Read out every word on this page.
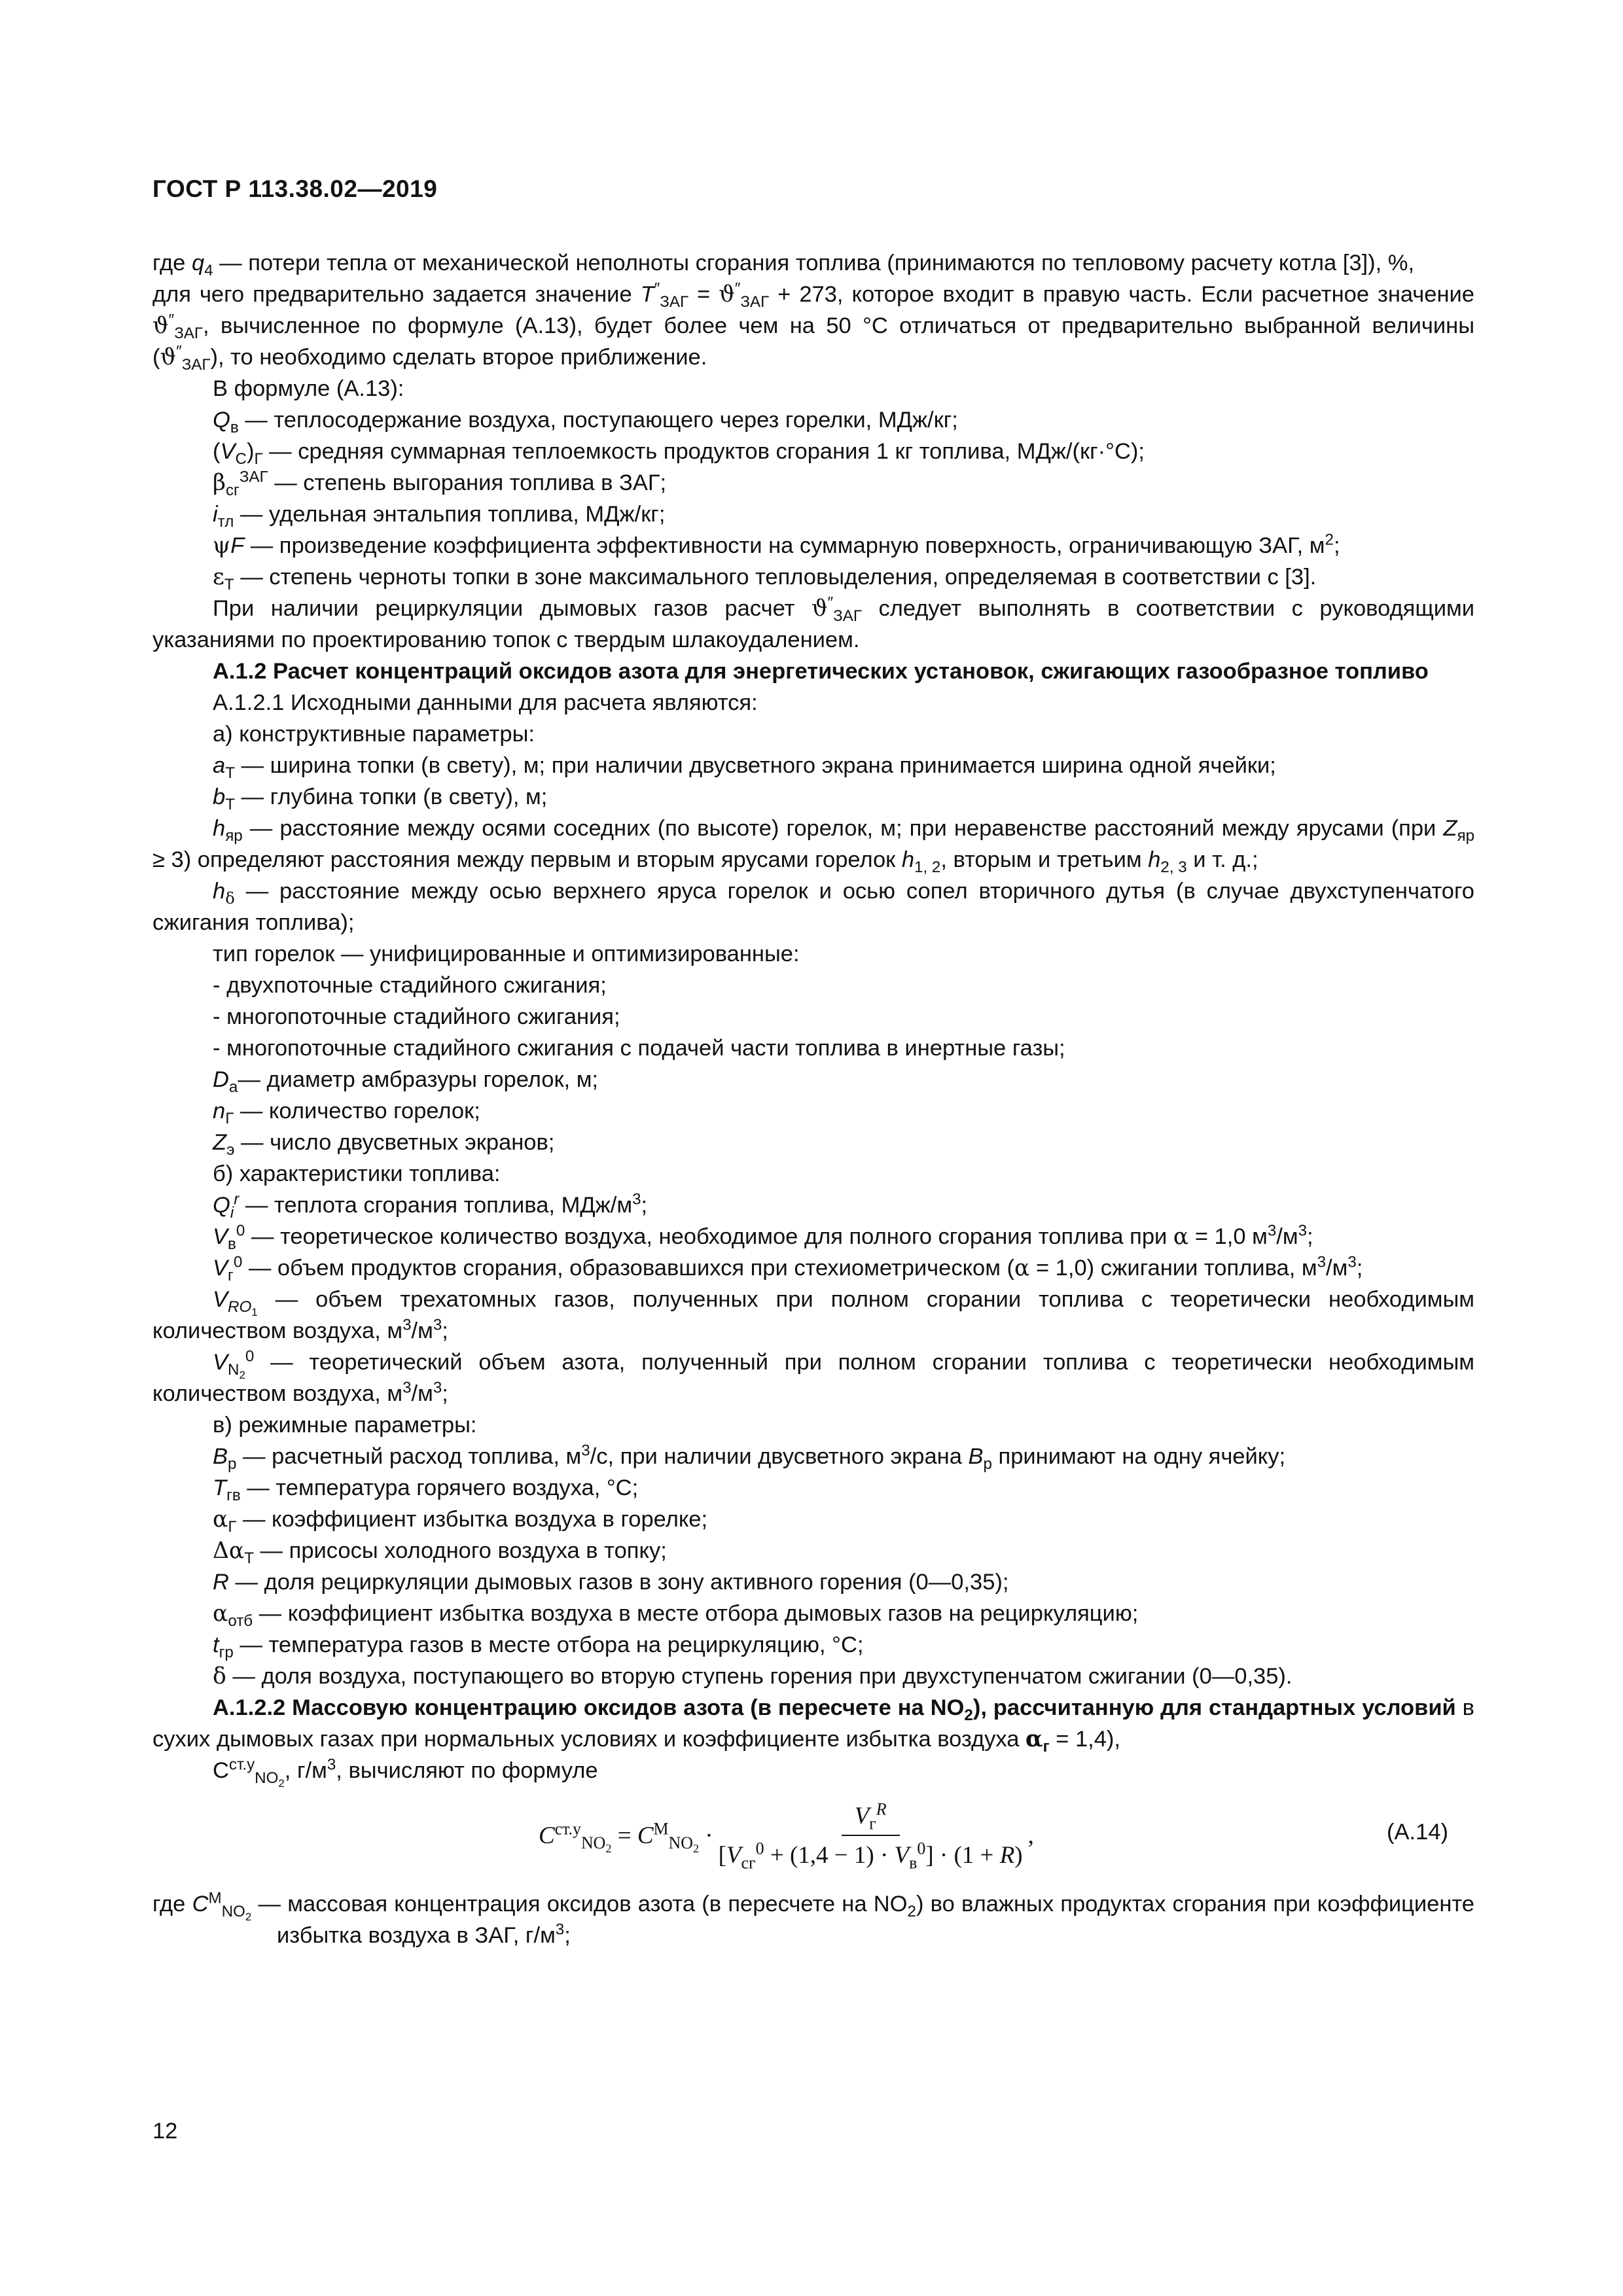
ГОСТ Р 113.38.02—2019

где $q_4$ — потери тепла от механической неполноты сгорания топлива (принимаются по тепловому расчету котла [3]), %,

для чего предварительно задается значение $T''_{ЗАГ} = ϑ''_{ЗАГ} + 273$, которое входит в правую часть. Если расчетное значение $ϑ''_{ЗАГ}$, вычисленное по формуле (А.13), будет более чем на 50 °С отличаться от предварительно выбранной величины $(ϑ''_{ЗАГ})$, то необходимо сделать второе приближение.

В формуле (А.13):

$Q_в$ — теплосодержание воздуха, поступающего через горелки, МДж/кг;

$(V_C)_Г$ — средняя суммарная теплоемкость продуктов сгорания 1 кг топлива, МДж/(кг·°С);

$\beta_{сг}^{ЗАГ}$ — степень выгорания топлива в ЗАГ;

$i_{тл}$ — удельная энтальпия топлива, МДж/кг;

ψF — произведение коэффициента эффективности на суммарную поверхность, ограничивающую ЗАГ, $м^2$;

$\varepsilon_Т$ — степень черноты топки в зоне максимального тепловыделения, определяемая в соответствии с [3].

При наличии рециркуляции дымовых газов расчет $ϑ''_{ЗАГ}$ следует выполнять в соответствии с руководящими указаниями по проектированию топок с твердым шлакоудалением.

А.1.2 Расчет концентраций оксидов азота для энергетических установок, сжигающих газообразное топливо

А.1.2.1 Исходными данными для расчета являются:

а) конструктивные параметры:

$a_Т$ — ширина топки (в свету), м; при наличии двусветного экрана принимается ширина одной ячейки;

$b_Т$ — глубина топки (в свету), м;

$h_{яр}$ — расстояние между осями соседних (по высоте) горелок, м; при неравенстве расстояний между ярусами (при $Z_{яр} \ge 3$) определяют расстояния между первым и вторым ярусами горелок $h_{1, 2}$, вторым и третьим $h_{2, 3}$ и т. д.;

$h_\delta$ — расстояние между осью верхнего яруса горелок и осью сопел вторичного дутья (в случае двухступенчатого сжигания топлива);

тип горелок — унифицированные и оптимизированные:

- двухпоточные стадийного сжигания;

- многопоточные стадийного сжигания;

- многопоточные стадийного сжигания с подачей части топлива в инертные газы;

$D_а—$ диаметр амбразуры горелок, м;

$n_Г$ — количество горелок;

$Z_э$ — число двусветных экранов;

б) характеристики топлива:

$Q_i^r$ — теплота сгорания топлива, МДж/$м^3$;

$V_в^0$ — теоретическое количество воздуха, необходимое для полного сгорания топлива при α = 1,0 $м^3/м^3$;

$V_г^0$ — объем продуктов сгорания, образовавшихся при стехиометрическом (α = 1,0) сжигании топлива, $м^3/м^3$;

$V_{RO_1}$ — объем трехатомных газов, полученных при полном сгорании топлива с теоретически необходимым количеством воздуха, $м^3/м^3$;

$V_{N_2}^0$ — теоретический объем азота, полученный при полном сгорании топлива с теоретически необходимым количеством воздуха, $м^3/м^3$;

в) режимные параметры:

$B_р$ — расчетный расход топлива, $м^3/с$, при наличии двусветного экрана $B_р$ принимают на одну ячейку;

$T_{гв}$ — температура горячего воздуха, °С;

$\alpha_Г$ — коэффициент избытка воздуха в горелке;

$\Delta\alpha_Т$ — присосы холодного воздуха в топку;

R — доля рециркуляции дымовых газов в зону активного горения (0—0,35);

$\alpha_{отб}$ — коэффициент избытка воздуха в месте отбора дымовых газов на рециркуляцию;

$t_{гр}$ — температура газов в месте отбора на рециркуляцию, °С;

δ — доля воздуха, поступающего во вторую ступень горения при двухступенчатом сжигании (0—0,35).

А.1.2.2 Массовую концентрацию оксидов азота (в пересчете на $NO_2$), рассчитанную для стандартных условий в сухих дымовых газах при нормальных условиях и коэффициенте избытка воздуха $\alpha_г = 1,4$),

$C^{ст.у}_{NO_2}$, $г/м^3$, вычисляют по формуле

$C^{ст.у}_{NO_2} = C^М_{NO_2} \cdot \frac{V_г^R}{[V_{сг}^0 + (1,4 - 1) \cdot V_в^0] \cdot (1 + R)}$ ,	(А.14)

где $C^М_{NO_2}$ — массовая концентрация оксидов азота (в пересчете на $NO_2$) во влажных продуктах сгорания при коэффициенте избытка воздуха в ЗАГ, $г/м^3$;

12
